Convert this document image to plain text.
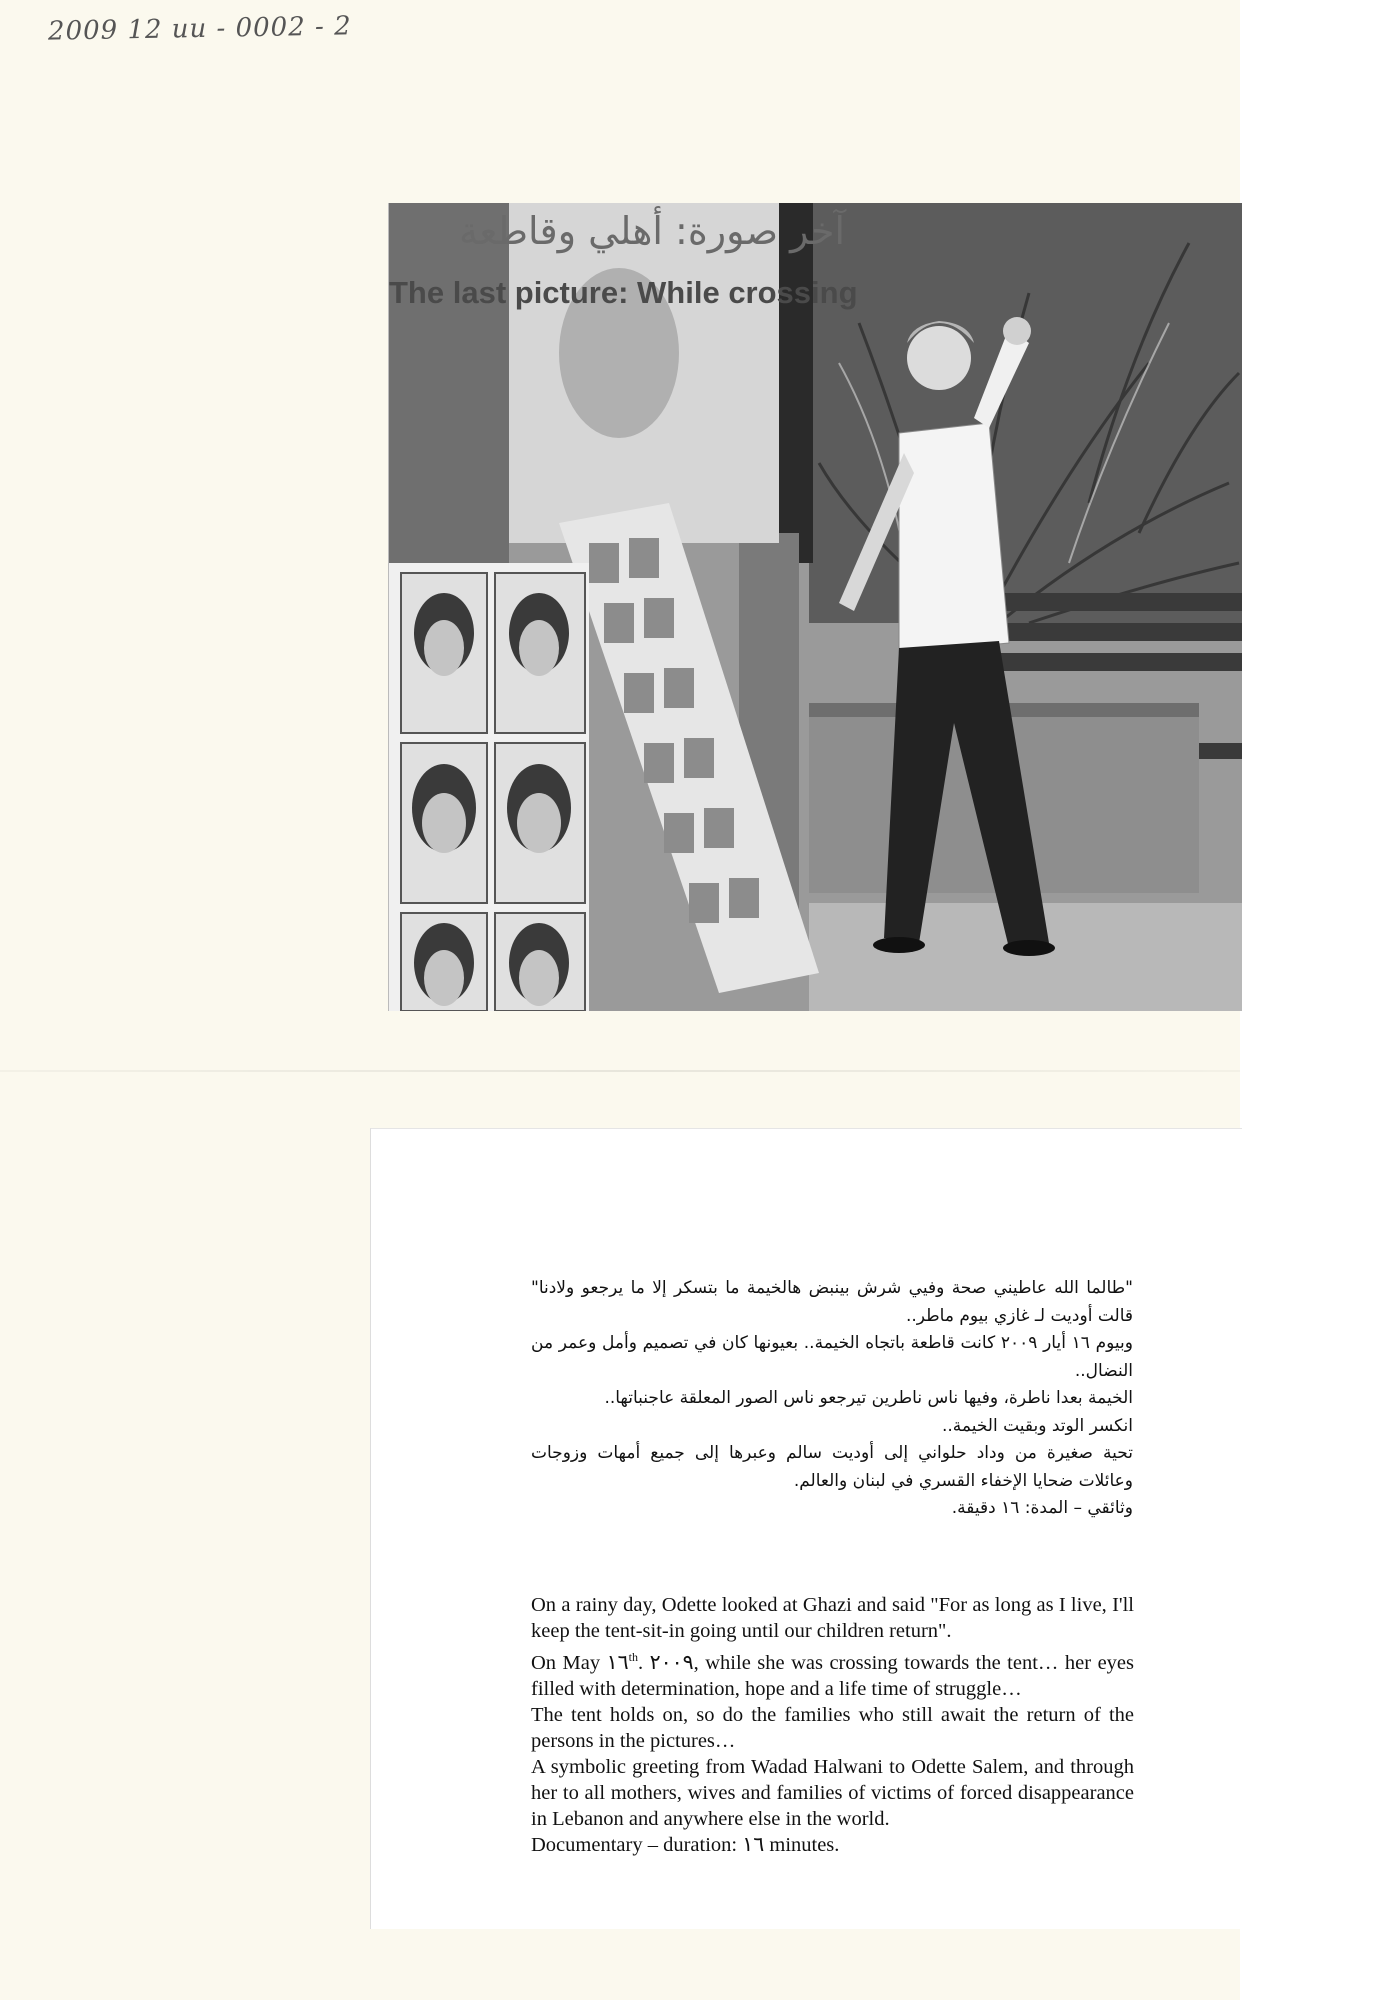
2009 12 uu - 0002 - 2
آخر صورة: أهلي وقاطعة
The last picture: While crossing

"طالما الله عاطيني صحة وفيي شرش بينبض هالخيمة ما بتسكر إلا ما يرجعو ولادنا" قالت أوديت لـ غازي بيوم ماطر..

وبيوم ١٦ أيار ٢٠٠٩ كانت قاطعة باتجاه الخيمة.. بعيونها كان في تصميم وأمل وعمر من النضال..

الخيمة بعدا ناطرة، وفيها ناس ناطرين تيرجعو ناس الصور المعلقة عاجنباتها..

انكسر الوتد وبقيت الخيمة..

تحية صغيرة من وداد حلواني إلى أوديت سالم وعبرها إلى جميع أمهات وزوجات وعائلات ضحايا الإخفاء القسري في لبنان والعالم.

وثائقي – المدة: ١٦ دقيقة.

On a rainy day, Odette looked at Ghazi and said "For as long as I live, I'll keep the tent-sit-in going until our children return".

On May ١٦th. ٢٠٠٩, while she was crossing towards the tent… her eyes filled with determination, hope and a life time of struggle…

The tent holds on, so do the families who still await the return of the persons in the pictures…

A symbolic greeting from Wadad Halwani to Odette Salem, and through her to all mothers, wives and families of victims of forced disappearance in Lebanon and anywhere else in the world.

Documentary – duration: ١٦ minutes.
